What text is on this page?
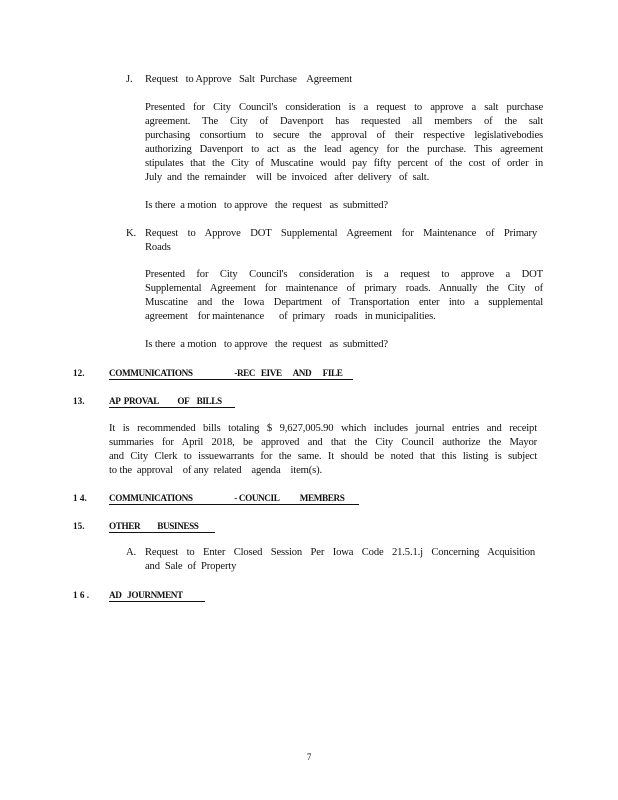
J. Request   to Approve   Salt  Purchase    Agreement
Presented for City Council's consideration is a request to approve a salt purchase
agreement. The City of Davenport has requested all members of the salt
purchasing consortium to secure the approval of their respective legislativebodies
authorizing Davenport to act as the lead agency for the purchase. This agreement
stipulates that the City of Muscatine would pay fifty percent of the cost of order in
July  and  the  remainder    will  be  invoiced   after  delivery   of  salt.
Is there  a motion   to approve   the  request   as  submitted?
K. Request to Approve DOT Supplemental Agreement for Maintenance of Primary
Roads
Presented for City Council's consideration is a request to approve a DOT
Supplemental Agreement for maintenance of primary roads. Annually the City of
Muscatine and the Iowa Department of Transportation enter into a supplemental
agreement    for maintenance      of  primary    roads   in municipalities.
Is there  a motion   to approve   the  request   as  submitted?
12.	COMMUNICATIONS                      -REC   EIVE      AND      FILE
13.	AP  PROVAL          OF    BILLS
It is recommended bills totaling $ 9,627,005.90 which includes journal entries and receipt
summaries for April 2018, be approved and that the City Council authorize the Mayor
and City Clerk to issuewarrants for the same. It should be noted that this listing is subject
to the  approval    of any  related    agenda    item(s).
1 4. COMMUNICATIONS                      - COUNCIL           MEMBERS
15.	OTHER         BUSINESS
A. Request to Enter Closed Session Per Iowa Code 21.5.1.j Concerning Acquisition
and  Sale  of  Property
1 6 . AD   JOURNMENT
7
